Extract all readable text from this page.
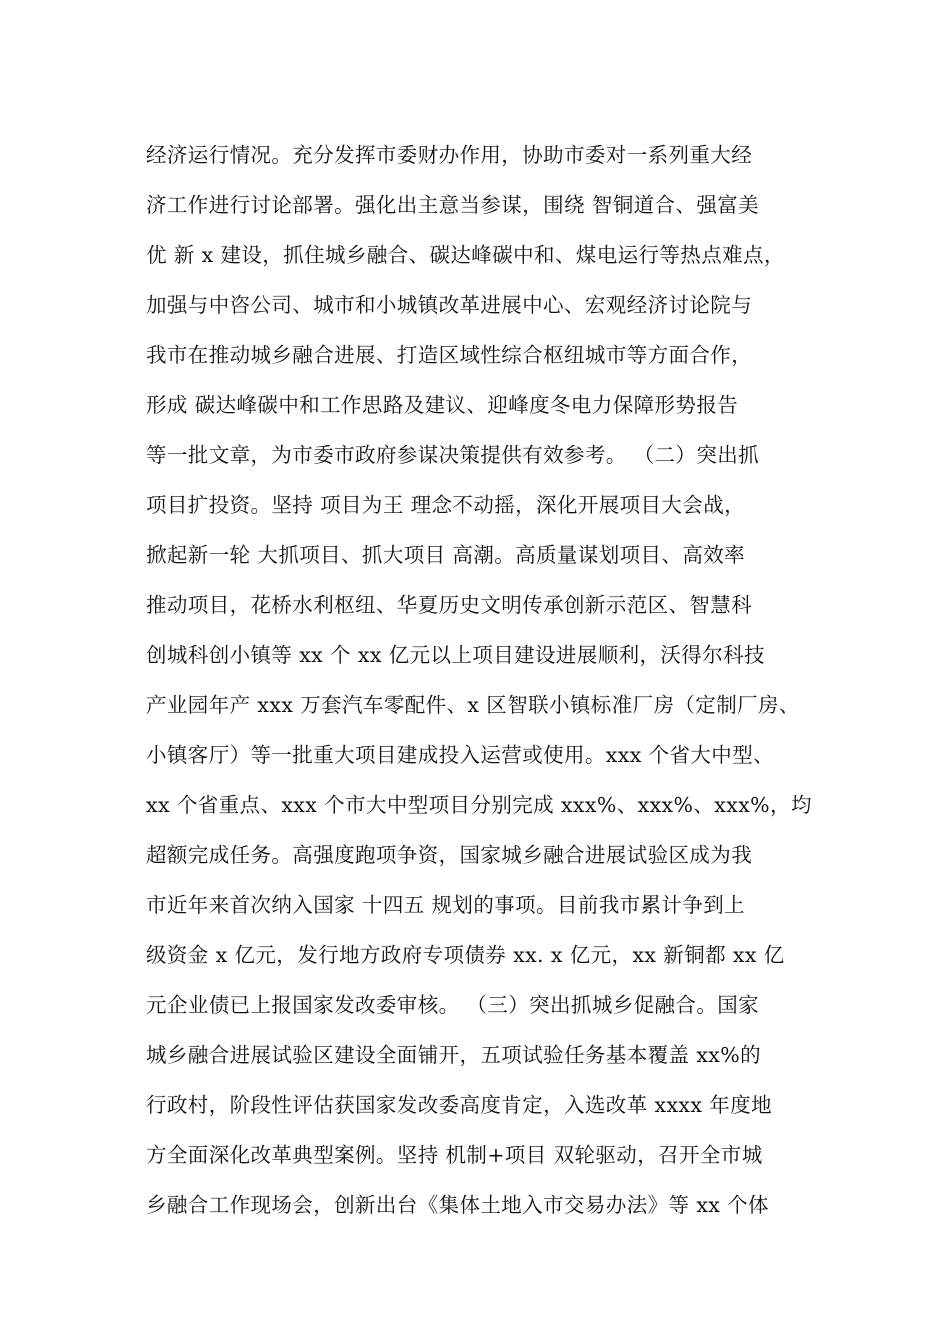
经济运行情况。充分发挥市委财办作用，协助市委对一系列重大经
济工作进行讨论部署。强化出主意当参谋，围绕 智铜道合、强富美
优 新 x 建设，抓住城乡融合、碳达峰碳中和、煤电运行等热点难点，
加强与中咨公司、城市和小城镇改革进展中心、宏观经济讨论院与
我市在推动城乡融合进展、打造区域性综合枢纽城市等方面合作，
形成 碳达峰碳中和工作思路及建议、迎峰度冬电力保障形势报告
等一批文章，为市委市政府参谋决策提供有效参考。 （二）突出抓
项目扩投资。坚持 项目为王 理念不动摇，深化开展项目大会战，
掀起新一轮 大抓项目、抓大项目 高潮。高质量谋划项目、高效率
推动项目，花桥水利枢纽、华夏历史文明传承创新示范区、智慧科
创城科创小镇等 xx 个 xx 亿元以上项目建设进展顺利，沃得尔科技
产业园年产 xxx 万套汽车零配件、x 区智联小镇标准厂房（定制厂房、
小镇客厅）等一批重大项目建成投入运营或使用。xxx 个省大中型、
xx 个省重点、xxx 个市大中型项目分别完成 xxx%、xxx%、xxx%，均
超额完成任务。高强度跑项争资，国家城乡融合进展试验区成为我
市近年来首次纳入国家 十四五 规划的事项。目前我市累计争到上
级资金 x 亿元，发行地方政府专项债券 xx. x 亿元，xx 新铜都 xx 亿
元企业债已上报国家发改委审核。 （三）突出抓城乡促融合。国家
城乡融合进展试验区建设全面铺开，五项试验任务基本覆盖 xx%的
行政村，阶段性评估获国家发改委高度肯定，入选改革 xxxx 年度地
方全面深化改革典型案例。坚持 机制+项目 双轮驱动，召开全市城
乡融合工作现场会，创新出台《集体土地入市交易办法》等 xx 个体
